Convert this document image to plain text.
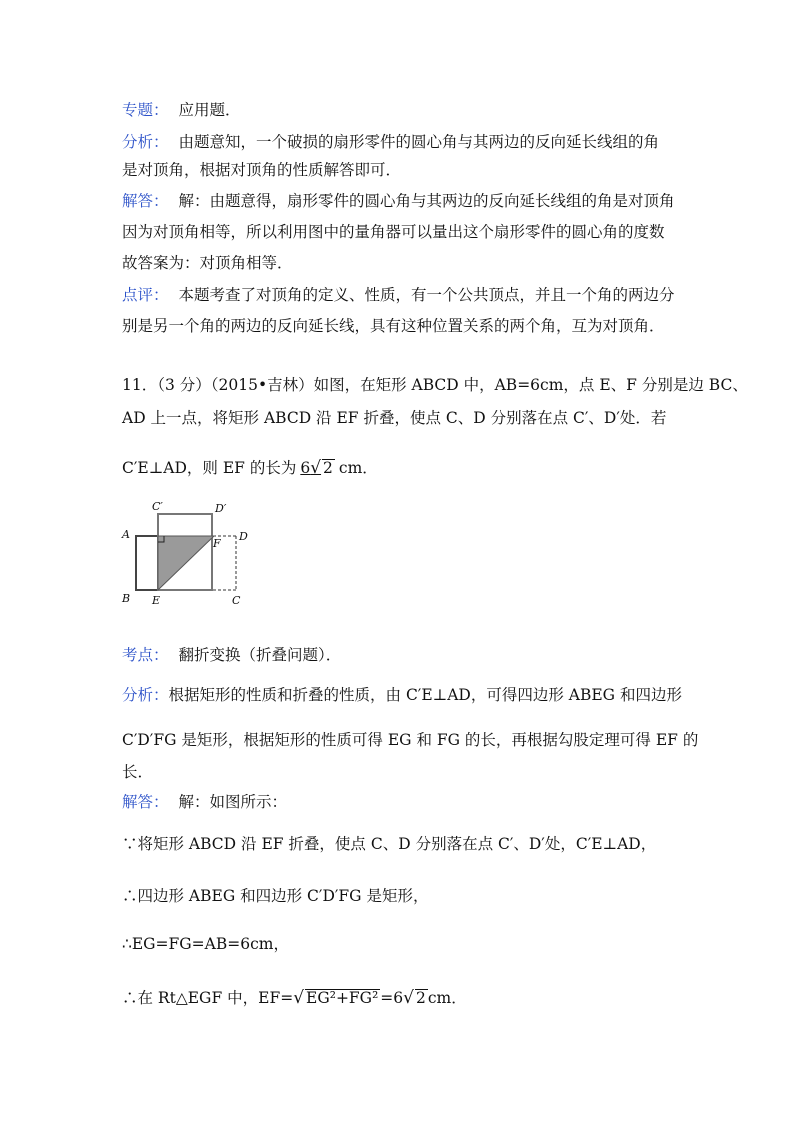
专题： 应用题．
分析： 由题意知，一个破损的扇形零件的圆心角与其两边的反向延长线组的角
是对顶角，根据对顶角的性质解答即可．
解答： 解：由题意得，扇形零件的圆心角与其两边的反向延长线组的角是对顶角
因为对顶角相等，所以利用图中的量角器可以量出这个扇形零件的圆心角的度数
故答案为：对顶角相等．
点评： 本题考查了对顶角的定义、性质，有一个公共顶点，并且一个角的两边分
别是另一个角的两边的反向延长线，具有这种位置关系的两个角，互为对顶角．
11．（3 分）（2015•吉林）如图，在矩形 ABCD 中，AB=6cm，点 E、F 分别是边 BC、
AD 上一点，将矩形 ABCD 沿 EF 折叠，使点 C、D 分别落在点 C′、D′处．若
C′E⊥AD，则 EF 的长为 6√ 2 cm．
A
B	C
D
E
F
C′	D′
考点： 翻折变换（折叠问题）．
分析：根据矩形的性质和折叠的性质，由 C′E⊥AD，可得四边形 ABEG 和四边形
C′D′FG 是矩形，根据矩形的性质可得 EG 和 FG 的长，再根据勾股定理可得 EF 的
长．
解答： 解：如图所示：
∵将矩形 ABCD 沿 EF 折叠，使点 C、D 分别落在点 C′、D′处，C′E⊥AD，
∴四边形 ABEG 和四边形 C′D′FG 是矩形，
∴EG=FG=AB=6cm，
∴在 Rt△EGF 中，EF=√ EG²+FG² =6√ 2 cm．
